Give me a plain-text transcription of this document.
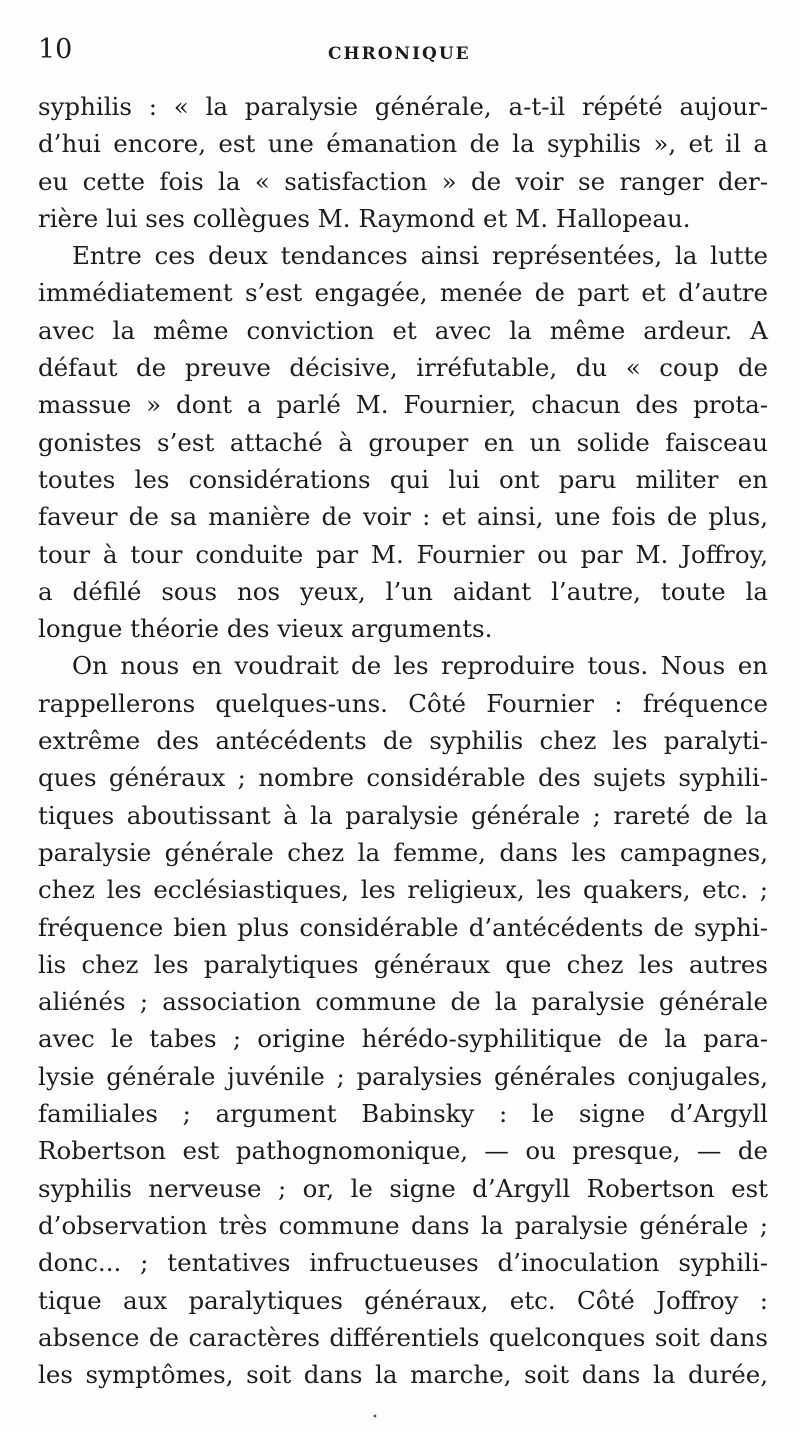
10	CHRONIQUE
syphilis : « la paralysie générale, a-t-il répété aujour-
d’hui encore, est une émanation de la syphilis », et il a
eu cette fois la « satisfaction » de voir se ranger der-
rière lui ses collègues M. Raymond et M. Hallopeau.
Entre ces deux tendances ainsi représentées, la lutte
immédiatement s’est engagée, menée de part et d’autre
avec la même conviction et avec la même ardeur. A
défaut de preuve décisive, irréfutable, du « coup de
massue » dont a parlé M. Fournier, chacun des prota-
gonistes s’est attaché à grouper en un solide faisceau
toutes les considérations qui lui ont paru militer en
faveur de sa manière de voir : et ainsi, une fois de plus,
tour à tour conduite par M. Fournier ou par M. Joffroy,
a défilé sous nos yeux, l’un aidant l’autre, toute la
longue théorie des vieux arguments.
On nous en voudrait de les reproduire tous. Nous en
rappellerons quelques-uns. Côté Fournier : fréquence
extrême des antécédents de syphilis chez les paralyti-
ques généraux ; nombre considérable des sujets syphili-
tiques aboutissant à la paralysie générale ; rareté de la
paralysie générale chez la femme, dans les campagnes,
chez les ecclésiastiques, les religieux, les quakers, etc. ;
fréquence bien plus considérable d’antécédents de syphi-
lis chez les paralytiques généraux que chez les autres
aliénés ; association commune de la paralysie générale
avec le tabes ; origine hérédo-syphilitique de la para-
lysie générale juvénile ; paralysies générales conjugales,
familiales ; argument Babinsky : le signe d’Argyll
Robertson est pathognomonique, — ou presque, — de
syphilis nerveuse ; or, le signe d’Argyll Robertson est
d’observation très commune dans la paralysie générale ;
donc... ; tentatives infructueuses d’inoculation syphili-
tique aux paralytiques généraux, etc. Côté Joffroy :
absence de caractères différentiels quelconques soit dans
les symptômes, soit dans la marche, soit dans la durée,
•
